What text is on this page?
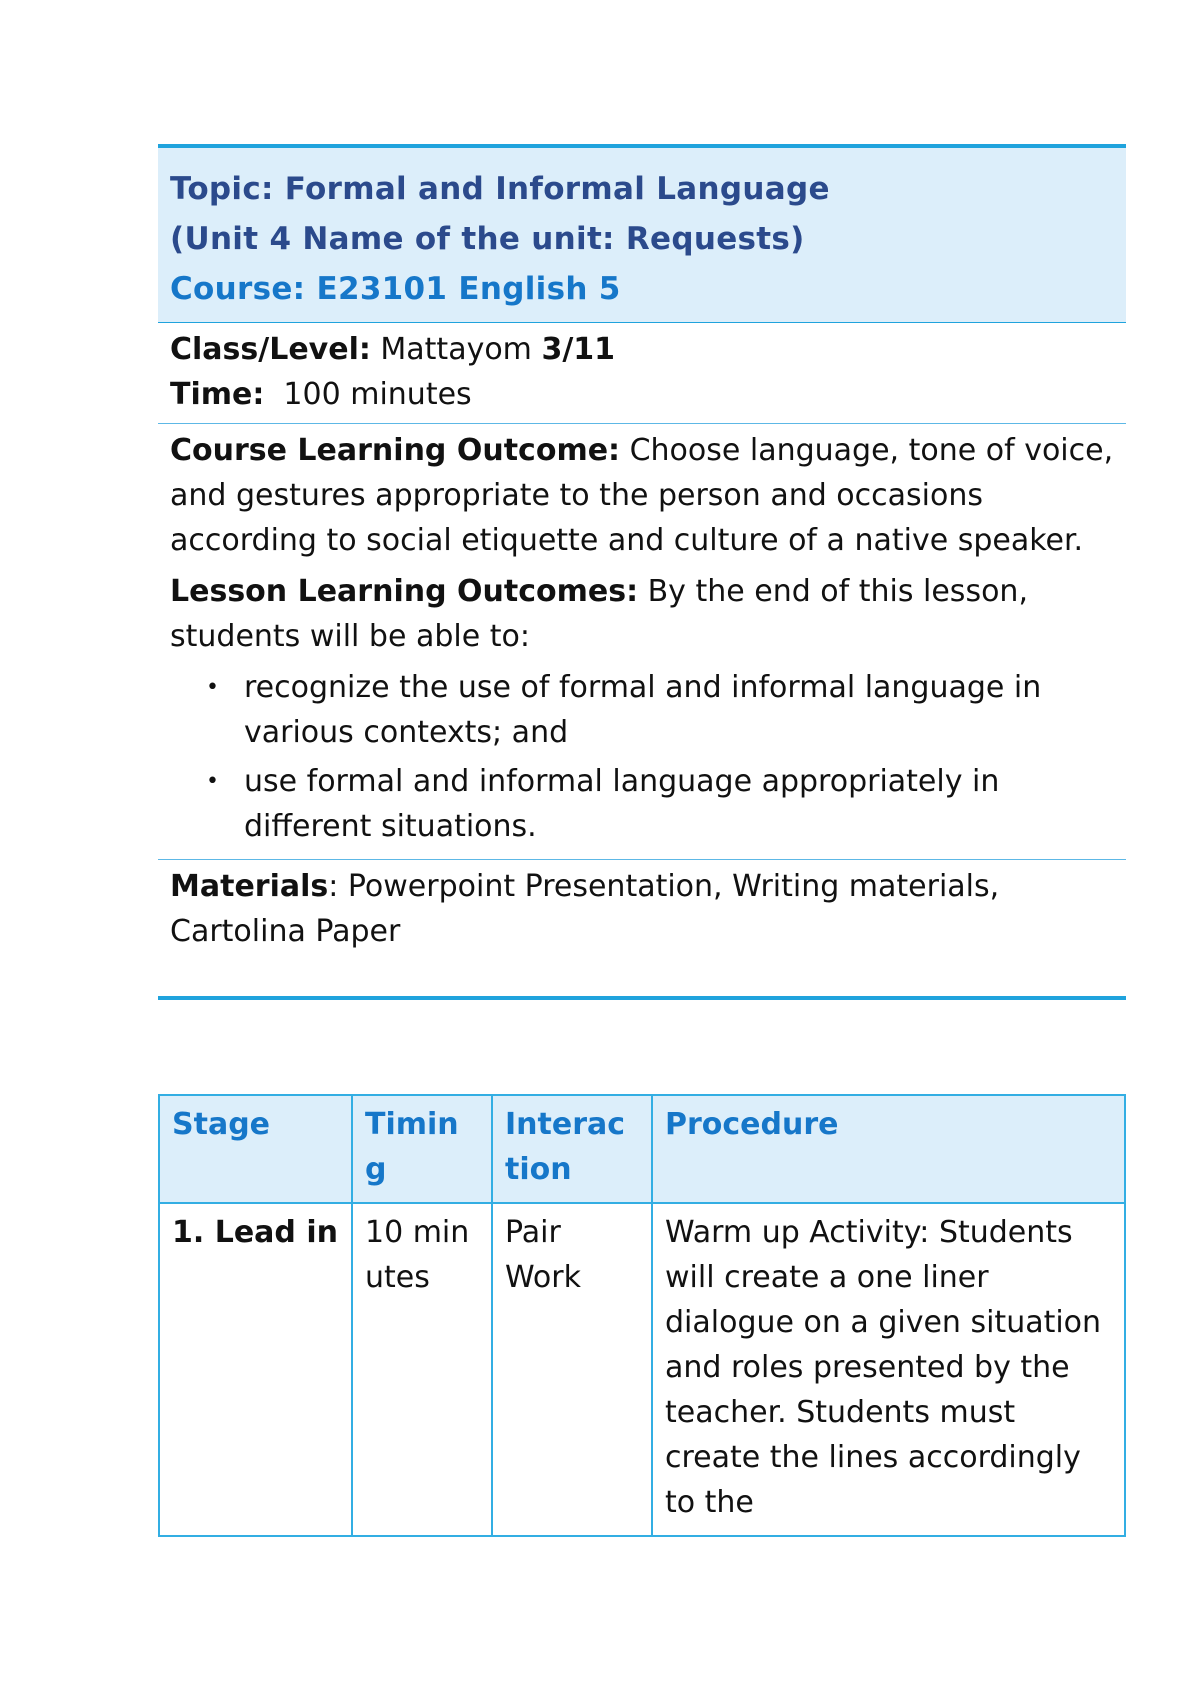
Topic: Formal and Informal Language
(Unit 4 Name of the unit: Requests)
Course: E23101 English 5

Class/Level: Mattayom 3/11

Time:  100 minutes

Course Learning Outcome: Choose language, tone of voice, and gestures appropriate to the person and occasions according to social etiquette and culture of a native speaker.

Lesson Learning Outcomes: By the end of this lesson, students will be able to:

• recognize the use of formal and informal language in various contexts; and
• use formal and informal language appropriately in different situations.

Materials: Powerpoint Presentation, Writing materials, Cartolina Paper

Stage	Timing	Interaction	Procedure
1. Lead in	10 minutes	Pair Work	Warm up Activity: Students will create a one liner dialogue on a given situation and roles presented by the teacher. Students must create the lines accordingly to the
